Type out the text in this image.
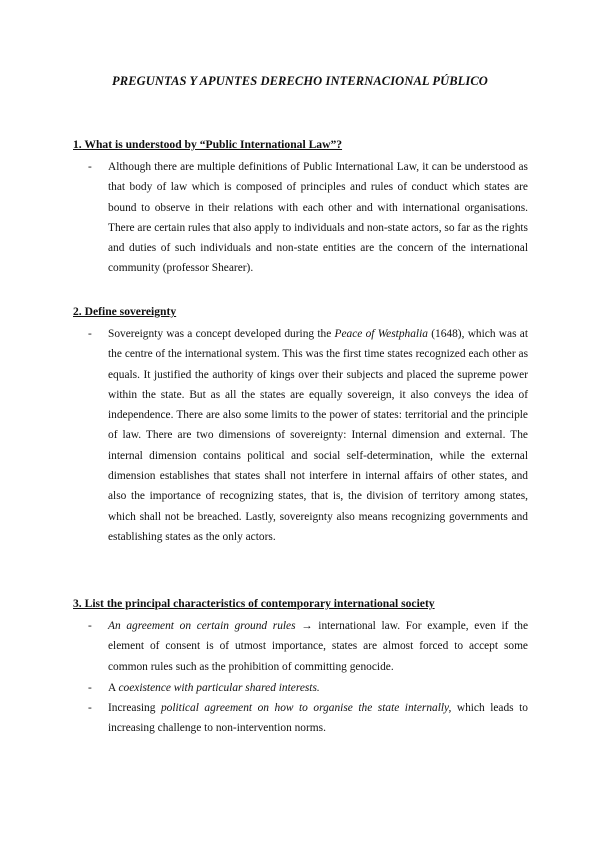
PREGUNTAS Y APUNTES DERECHO INTERNACIONAL PÚBLICO
1. What is understood by “Public International Law”?
- Although there are multiple definitions of Public International Law, it can be understood as that body of law which is composed of principles and rules of conduct which states are bound to observe in their relations with each other and with international organisations. There are certain rules that also apply to individuals and non-state actors, so far as the rights and duties of such individuals and non-state entities are the concern of the international community (professor Shearer).

2. Define sovereignty
- Sovereignty was a concept developed during the Peace of Westphalia (1648), which was at the centre of the international system. This was the first time states recognized each other as equals. It justified the authority of kings over their subjects and placed the supreme power within the state. But as all the states are equally sovereign, it also conveys the idea of independence. There are also some limits to the power of states: territorial and the principle of law. There are two dimensions of sovereignty: Internal dimension and external. The internal dimension contains political and social self-determination, while the external dimension establishes that states shall not interfere in internal affairs of other states, and also the importance of recognizing states, that is, the division of territory among states, which shall not be breached. Lastly, sovereignty also means recognizing governments and establishing states as the only actors.

3. List the principal characteristics of contemporary international society
- An agreement on certain ground rules → international law. For example, even if the element of consent is of utmost importance, states are almost forced to accept some common rules such as the prohibition of committing genocide.

- A coexistence with particular shared interests.

- Increasing political agreement on how to organise the state internally, which leads to increasing challenge to non-intervention norms.
